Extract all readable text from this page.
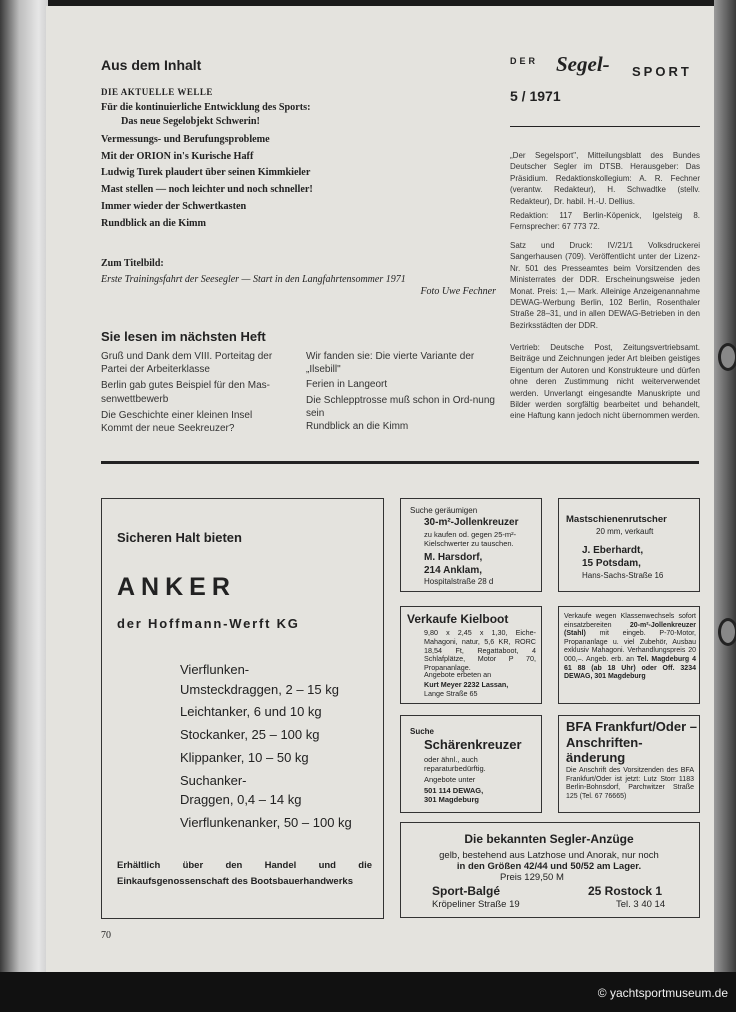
Aus dem Inhalt	DER Segel- SPORT
5 / 1971
DIE AKTUELLE WELLE
Für die kontinuierliche Entwicklung des Sports:
Das neue Segelobjekt Schwerin!
Vermessungs- und Berufungsprobleme
Mit der ORION in's Kurische Haff
Ludwig Turek plaudert über seinen Kimmkieler
Mast stellen — noch leichter und noch schneller!
Immer wieder der Schwertkasten
Rundblick an die Kimm
Zum Titelbild:
Erste Trainingsfahrt der Seesegler — Start in den Langfahrtensommer 1971
Foto Uwe Fechner
Sie lesen im nächsten Heft
Gruß und Dank dem VIII. Porteitag der Partei der Arbeiterklasse
Berlin gab gutes Beispiel für den Mas-senwettbewerb
Die Geschichte einer kleinen Insel
Kommt der neue Seekreuzer?
Wir fanden sie: Die vierte Variante der „Ilsebill"
Ferien in Langeort
Die Schlepptrosse muß schon in Ord-nung sein
Rundblick an die Kimm
„Der Segelsport", Mitteilungsblatt des Bundes Deutscher Segler im DTSB. Herausgeber: Das Präsidium. Redaktionskollegium: A. R. Fechner (verantw. Redakteur), H. Schwadtke (stellv. Redakteur), Dr. habil. H.-U. Dellius.
Redaktion: 117 Berlin-Köpenick, Igelsteig 8. Fernsprecher: 67 773 72.
Satz und Druck: IV/21/1 Volksdruckerei Sangerhausen (709). Veröffentlicht unter der Lizenz-Nr. 501 des Presseamtes beim Vorsitzenden des Ministerrates der DDR. Erscheinungsweise jeden Monat. Preis: 1,— Mark. Alleinige Anzeigenannahme DEWAG-Werbung Berlin, 102 Berlin, Rosenthaler Straße 28–31, und in allen DEWAG-Betrieben in den Bezirksstädten der DDR.
Vertrieb: Deutsche Post, Zeitungsvertriebsamt. Beiträge und Zeichnungen jeder Art bleiben geistiges Eigentum der Autoren und Konstrukteure und dürfen ohne deren Zustimmung nicht weiterverwendet werden. Unverlangt eingesandte Manuskripte und Bilder werden sorgfältig bearbeitet und behandelt, eine Haftung kann jedoch nicht übernommen werden.
Sicheren Halt bieten
ANKER
der Hoffmann-Werft KG
Vierflunken-
Umsteckdraggen, 2 – 15 kg
Leichtanker, 6 und 10 kg
Stockanker, 25 – 100 kg
Klippanker, 10 – 50 kg
Suchanker-
Draggen, 0,4 – 14 kg
Vierflunkenanker, 50 – 100 kg
Erhältlich über den Handel und die Einkaufsgenossenschaft des Bootsbauerhandwerks
Suche geräumigen
30-m²-Jollenkreuzer
zu kaufen od. gegen 25-m²-Kielschwerter zu tauschen.
M. Harsdorf,
214 Anklam,
Hospitalstraße 28 d
Mastschienenrutscher
20 mm, verkauft
J. Eberhardt,
15 Potsdam,
Hans-Sachs-Straße 16
Verkaufe Kielboot
9,80 x 2,45 x 1,30, Eiche-Mahagoni, natur, 5,6 KR, RORC 18,54 Ft, Regattaboot, 4 Schlafplätze, Motor P 70, Propananlage.
Angebote erbeten an
Kurt Meyer 2232 Lassan,
Lange Straße 65
Verkaufe wegen Klassenwechsels sofort einsatzbereiten	20-m²-Jollenkreuzer (Stahl) mit eingeb. P-70-Motor, Propananlage u. viel Zubehör, Ausbau exklusiv Mahagoni. Verhandlungspreis 20 000,–. Angeb. erb. an Tel. Magdeburg 4 61 88 (ab 18 Uhr) oder Off. 3234 DEWAG, 301 Magdeburg
Suche
Schärenkreuzer
oder ähnl., auch reparaturbedürftig.
Angebote unter
501 114 DEWAG,
301 Magdeburg
BFA Frankfurt/Oder – Anschriften-änderung
Die Anschrift des Vorsitzenden des BFA Frankfurt/Oder ist jetzt: Lutz Storr 1183 Berlin-Bohnsdorf, Parchwitzer Straße 125 (Tel. 67 76665)
Die bekannten Segler-Anzüge
gelb, bestehend aus Latzhose und Anorak, nur noch
in den Größen 42/44 und 50/52 am Lager.
Preis 129,50 M
Sport-Balgé
Kröpeliner Straße 19
25 Rostock 1
Tel. 3 40 14
70
© yachtsportmuseum.de
